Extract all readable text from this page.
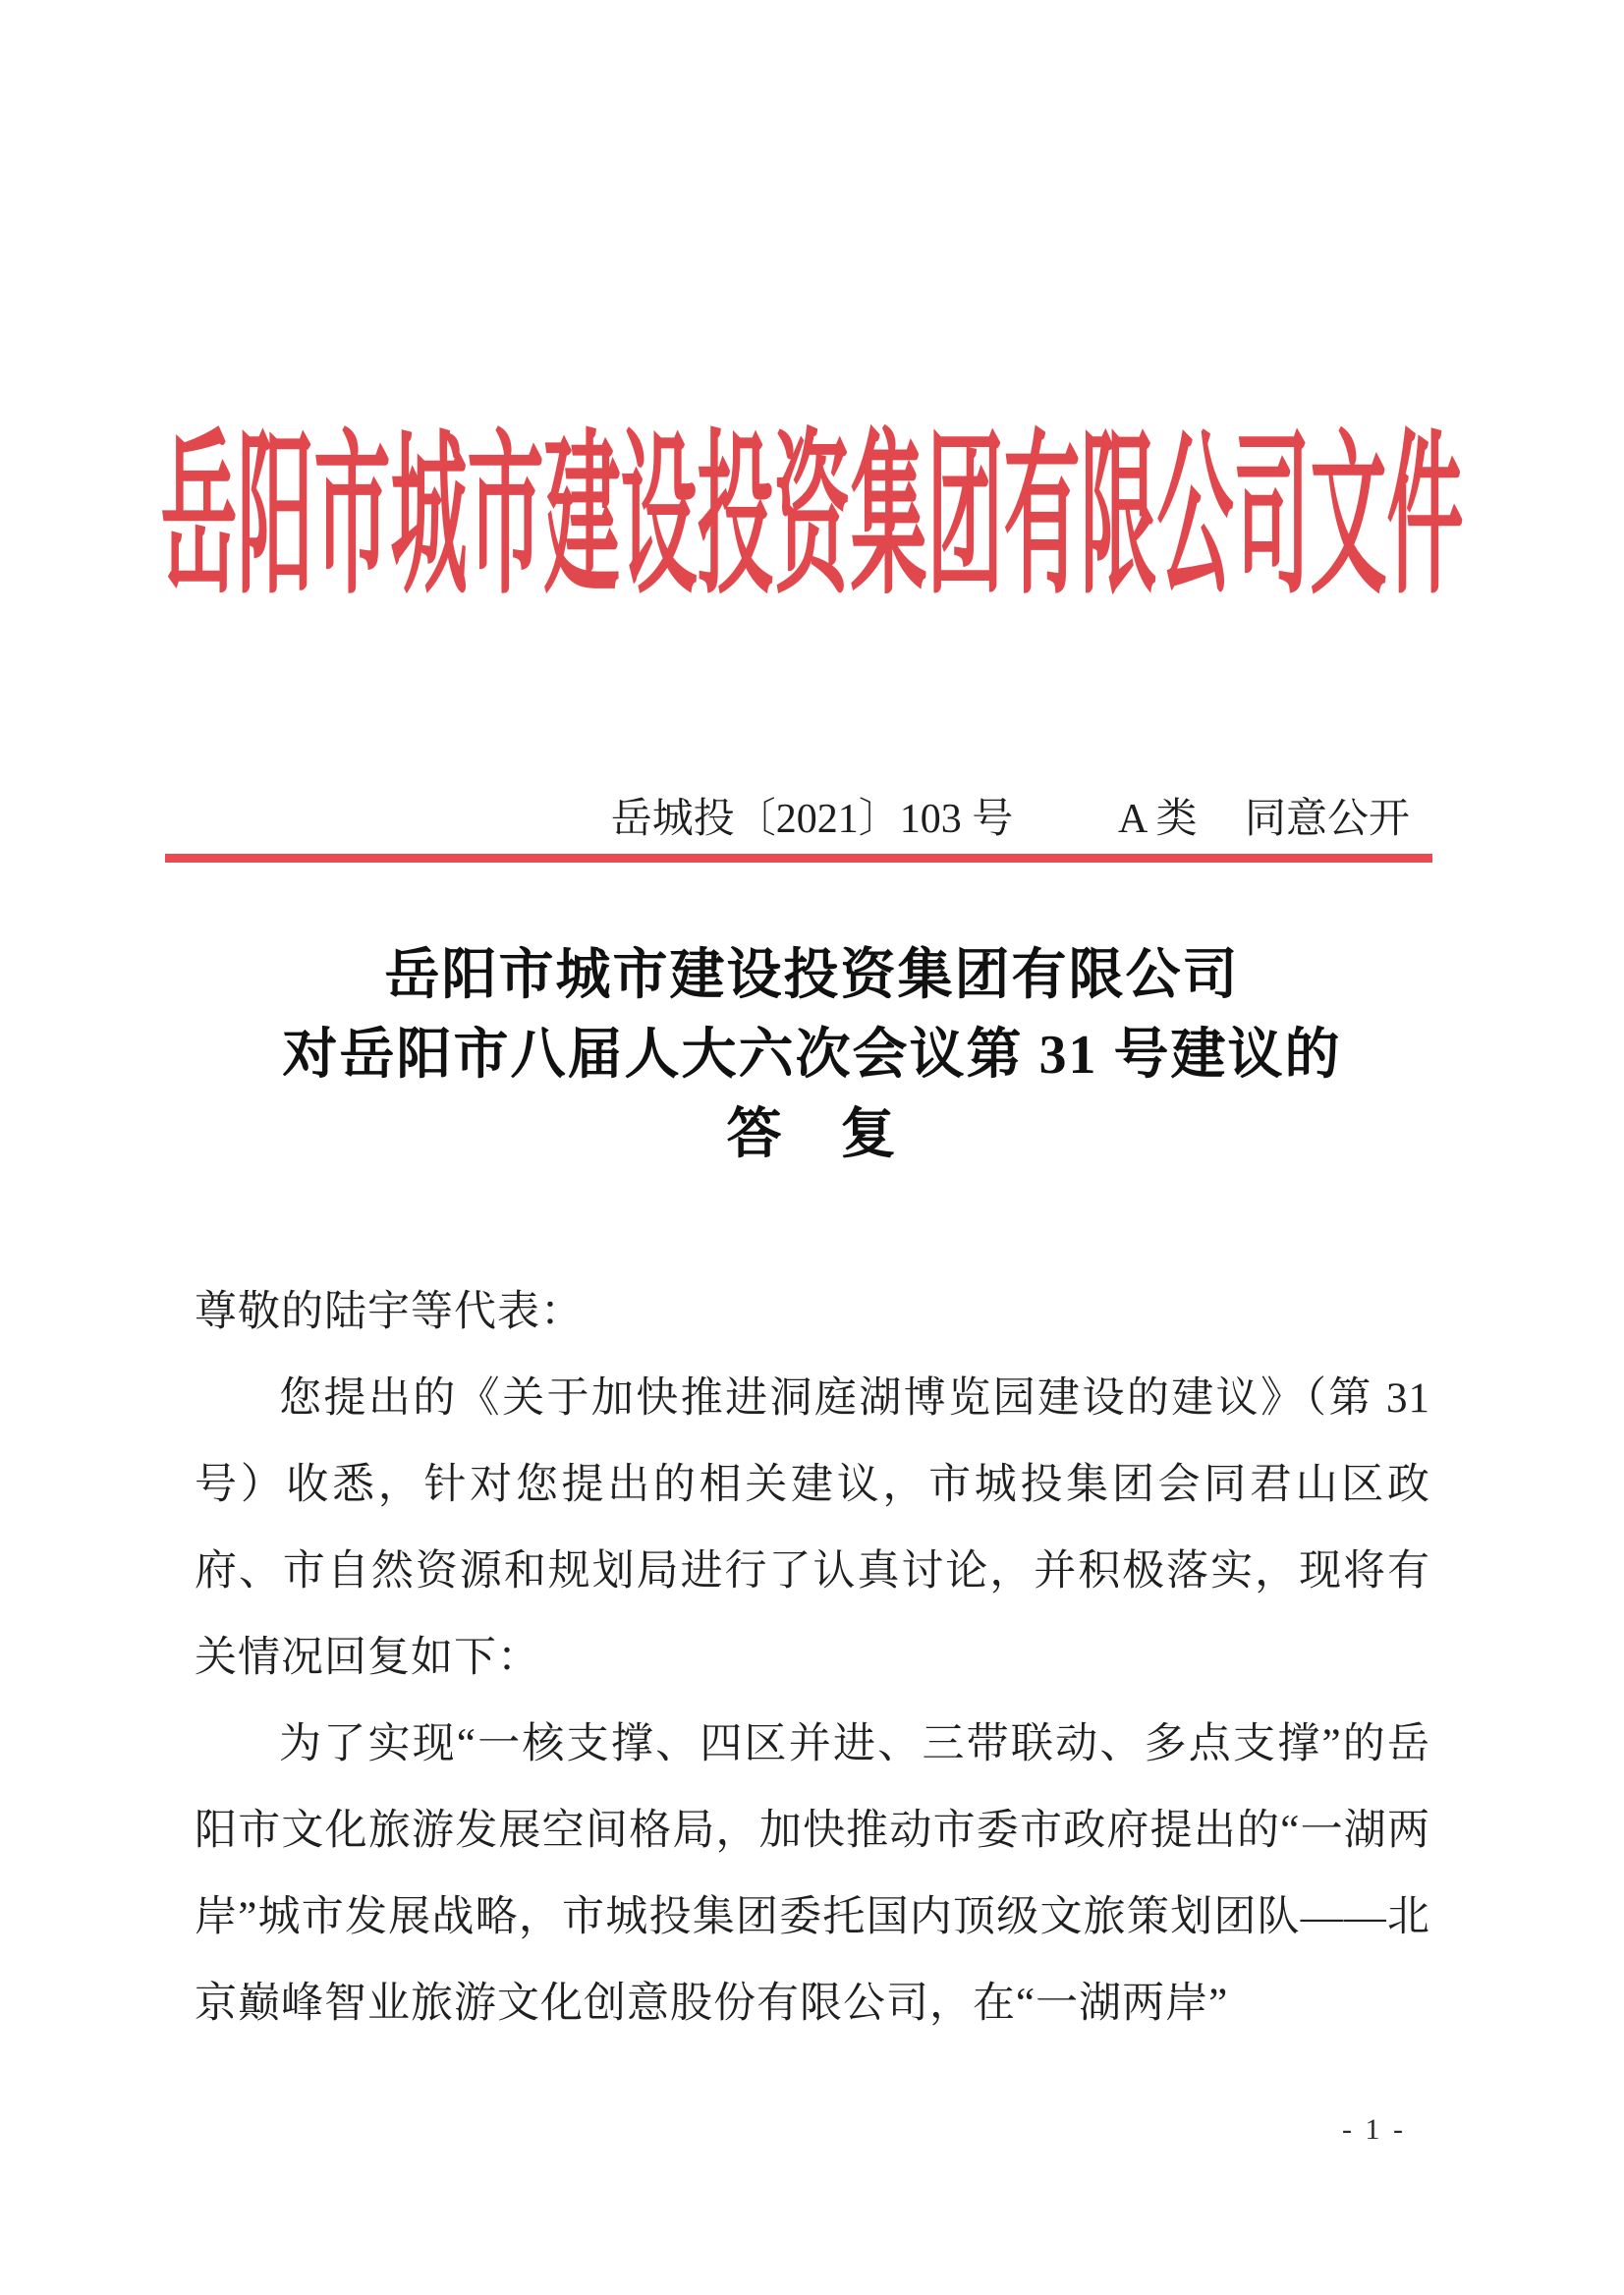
岳阳市城市建设投资集团有限公司文件
岳城投〔2021〕103 号	A 类 同意公开
岳阳市城市建设投资集团有限公司
对岳阳市八届人大六次会议第 31 号建议的
答　复

尊敬的陆宇等代表：

您提出的《关于加快推进洞庭湖博览园建设的建议》（第 31 号）收悉，针对您提出的相关建议，市城投集团会同君山区政府、市自然资源和规划局进行了认真讨论，并积极落实，现将有关情况回复如下：

为了实现“一核支撑、四区并进、三带联动、多点支撑”的岳阳市文化旅游发展空间格局，加快推动市委市政府提出的“一湖两岸”城市发展战略，市城投集团委托国内顶级文旅策划团队——北京巅峰智业旅游文化创意股份有限公司，在“一湖两岸”

- 1 -
